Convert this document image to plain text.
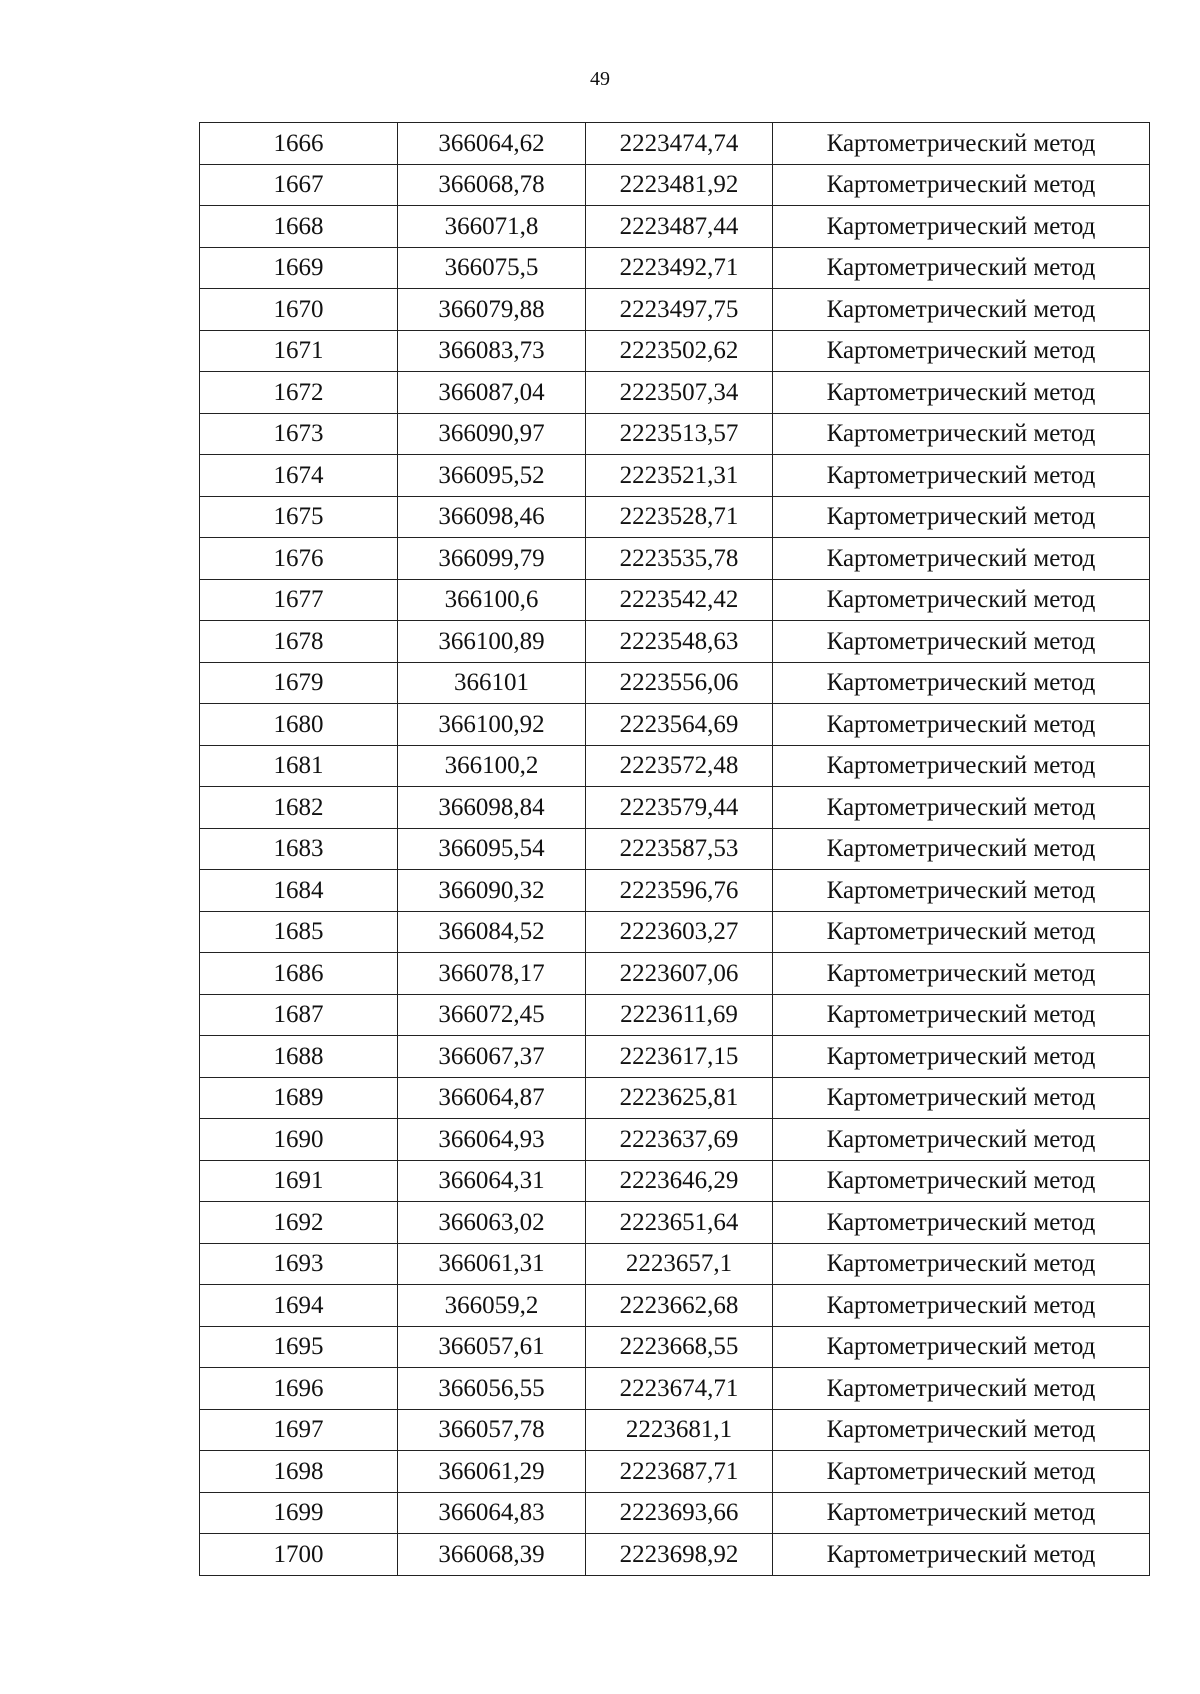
49
1666	366064,62	2223474,74	Картометрический метод
1667	366068,78	2223481,92	Картометрический метод
1668	366071,8	2223487,44	Картометрический метод
1669	366075,5	2223492,71	Картометрический метод
1670	366079,88	2223497,75	Картометрический метод
1671	366083,73	2223502,62	Картометрический метод
1672	366087,04	2223507,34	Картометрический метод
1673	366090,97	2223513,57	Картометрический метод
1674	366095,52	2223521,31	Картометрический метод
1675	366098,46	2223528,71	Картометрический метод
1676	366099,79	2223535,78	Картометрический метод
1677	366100,6	2223542,42	Картометрический метод
1678	366100,89	2223548,63	Картометрический метод
1679	366101	2223556,06	Картометрический метод
1680	366100,92	2223564,69	Картометрический метод
1681	366100,2	2223572,48	Картометрический метод
1682	366098,84	2223579,44	Картометрический метод
1683	366095,54	2223587,53	Картометрический метод
1684	366090,32	2223596,76	Картометрический метод
1685	366084,52	2223603,27	Картометрический метод
1686	366078,17	2223607,06	Картометрический метод
1687	366072,45	2223611,69	Картометрический метод
1688	366067,37	2223617,15	Картометрический метод
1689	366064,87	2223625,81	Картометрический метод
1690	366064,93	2223637,69	Картометрический метод
1691	366064,31	2223646,29	Картометрический метод
1692	366063,02	2223651,64	Картометрический метод
1693	366061,31	2223657,1	Картометрический метод
1694	366059,2	2223662,68	Картометрический метод
1695	366057,61	2223668,55	Картометрический метод
1696	366056,55	2223674,71	Картометрический метод
1697	366057,78	2223681,1	Картометрический метод
1698	366061,29	2223687,71	Картометрический метод
1699	366064,83	2223693,66	Картометрический метод
1700	366068,39	2223698,92	Картометрический метод
